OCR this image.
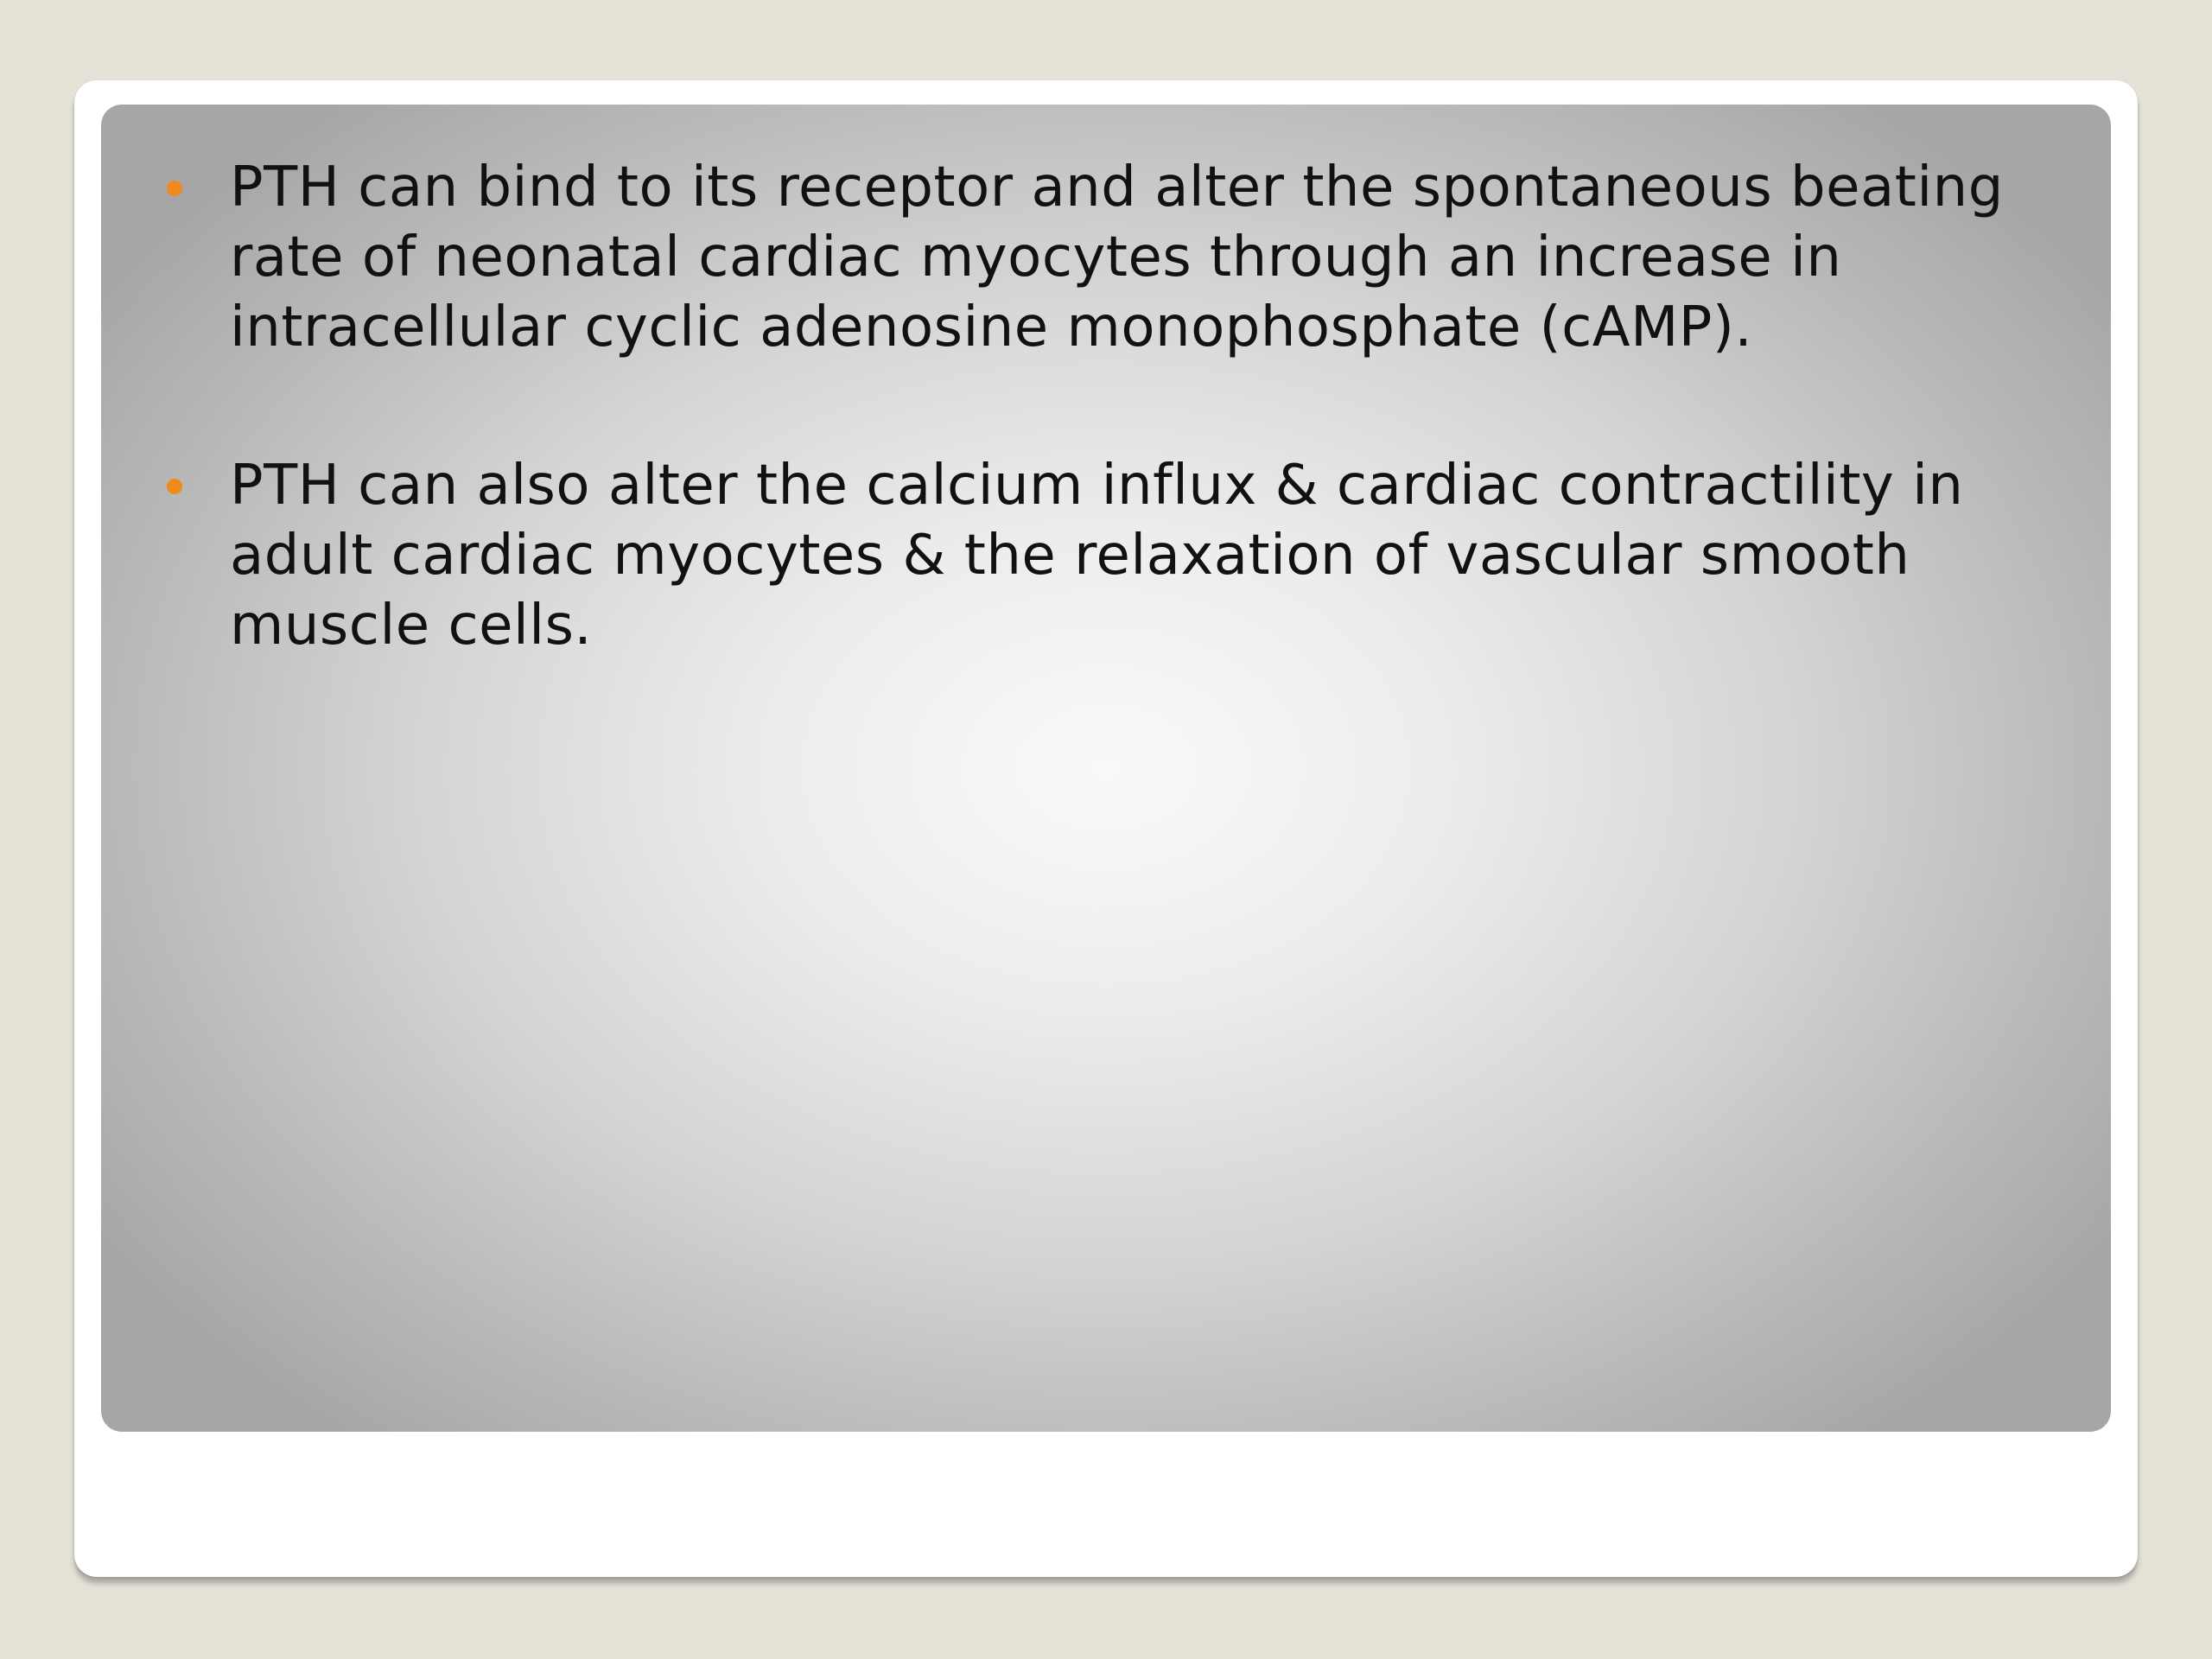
PTH can bind to its receptor and alter the spontaneous beating
rate of neonatal cardiac myocytes through an increase in
intracellular cyclic adenosine monophosphate (cAMP).
PTH can also alter the calcium influx & cardiac contractility in
adult cardiac myocytes & the relaxation of vascular smooth
muscle cells.
